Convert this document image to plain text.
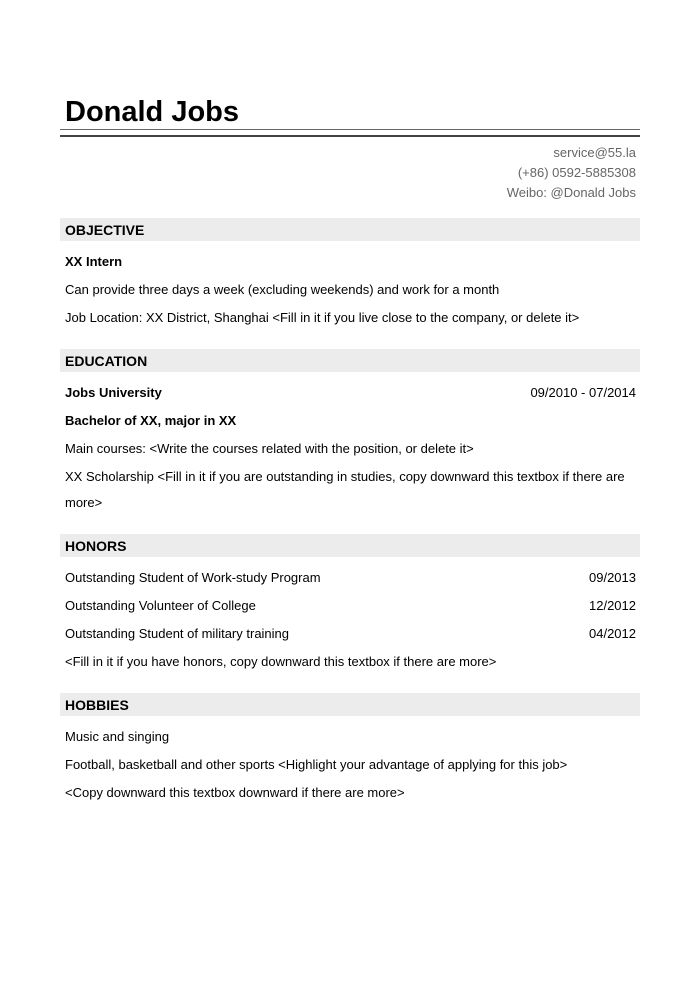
Donald Jobs
service@55.la
(+86) 0592-5885308
Weibo: @Donald Jobs
OBJECTIVE
XX Intern
Can provide three days a week (excluding weekends) and work for a month
Job Location: XX District, Shanghai <Fill in it if you live close to the company, or delete it>
EDUCATION
Jobs University	09/2010 - 07/2014
Bachelor of XX, major in XX
Main courses: <Write the courses related with the position, or delete it>
XX Scholarship <Fill in it if you are outstanding in studies, copy downward this textbox if there are more>
HONORS
Outstanding Student of Work-study Program	09/2013
Outstanding Volunteer of College	12/2012
Outstanding Student of military training	04/2012
<Fill in it if you have honors, copy downward this textbox if there are more>
HOBBIES
Music and singing
Football, basketball and other sports <Highlight your advantage of applying for this job>
<Copy downward this textbox downward if there are more>
